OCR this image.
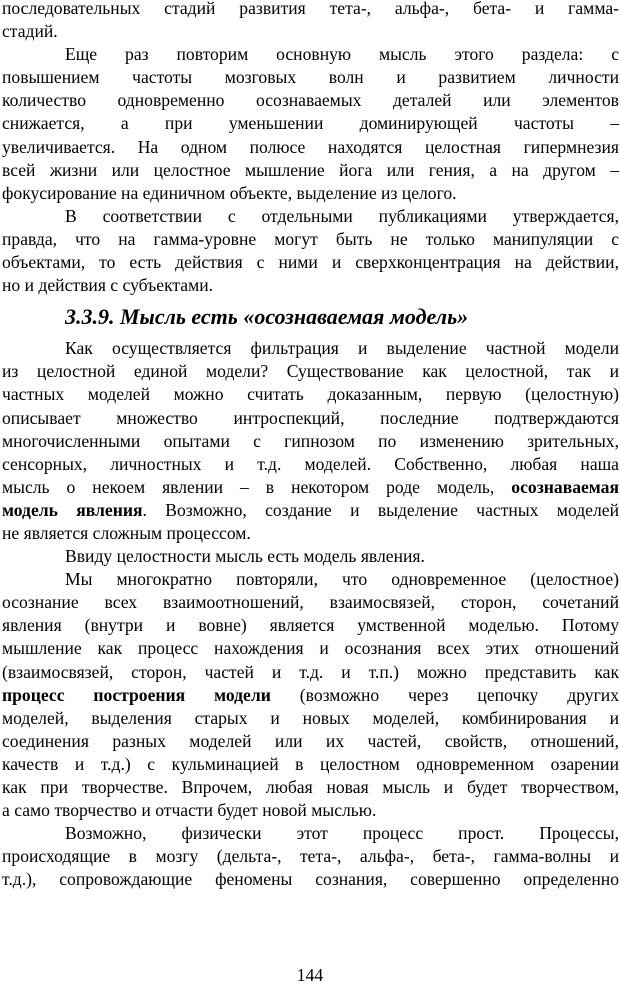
последовательных стадий развития тета-, альфа-, бета- и гамма-
стадий.
Еще раз повторим основную мысль этого раздела: с
повышением частоты мозговых волн и развитием личности
количество одновременно осознаваемых деталей или элементов
снижается, а при уменьшении доминирующей частоты –
увеличивается. На одном полюсе находятся целостная гипермнезия
всей жизни или целостное мышление йога или гения, а на другом –
фокусирование на единичном объекте, выделение из целого.
В соответствии с отдельными публикациями утверждается,
правда, что на гамма-уровне могут быть не только манипуляции с
объектами, то есть действия с ними и сверхконцентрация на действии,
но и действия с субъектами.
3.3.9. Мысль есть «осознаваемая модель»
Как осуществляется фильтрация и выделение частной модели
из целостной единой модели? Существование как целостной, так и
частных моделей можно считать доказанным, первую (целостную)
описывает множество интроспекций, последние подтверждаются
многочисленными опытами с гипнозом по изменению зрительных,
сенсорных, личностных и т.д. моделей. Собственно, любая наша
мысль о некоем явлении – в некотором роде модель, осознаваемая
модель явления. Возможно, создание и выделение частных моделей
не является сложным процессом.
Ввиду целостности мысль есть модель явления.
Мы многократно повторяли, что одновременное (целостное)
осознание всех взаимоотношений, взаимосвязей, сторон, сочетаний
явления (внутри и вовне) является умственной моделью. Потому
мышление как процесс нахождения и осознания всех этих отношений
(взаимосвязей, сторон, частей и т.д. и т.п.) можно представить как
процесс построения модели (возможно через цепочку других
моделей, выделения старых и новых моделей, комбинирования и
соединения разных моделей или их частей, свойств, отношений,
качеств и т.д.) с кульминацией в целостном одновременном озарении
как при творчестве. Впрочем, любая новая мысль и будет творчеством,
а само творчество и отчасти будет новой мыслью.
Возможно, физически этот процесс прост. Процессы,
происходящие в мозгу (дельта-, тета-, альфа-, бета-, гамма-волны и
т.д.), сопровождающие феномены сознания, совершенно определенно
144
